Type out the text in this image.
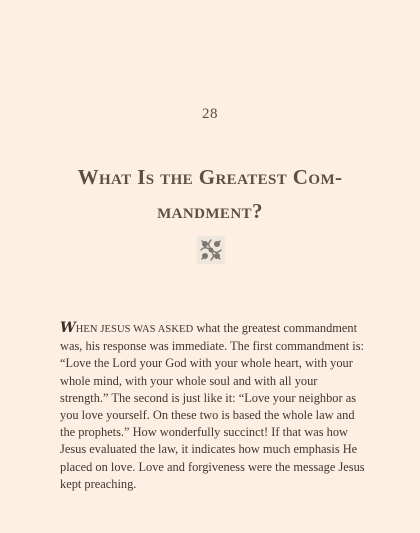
28
What Is the Greatest Com-
mandment?

WHEN JESUS WAS ASKED what the greatest commandment was, his response was immediate. The first commandment is: “Love the Lord your God with your whole heart, with your whole mind, with your whole soul and with all your strength.” The second is just like it: “Love your neighbor as you love yourself. On these two is based the whole law and the prophets.” How wonderfully succinct! If that was how Jesus evaluated the law, it indicates how much emphasis He placed on love. Love and forgiveness were the message Jesus kept preaching.
